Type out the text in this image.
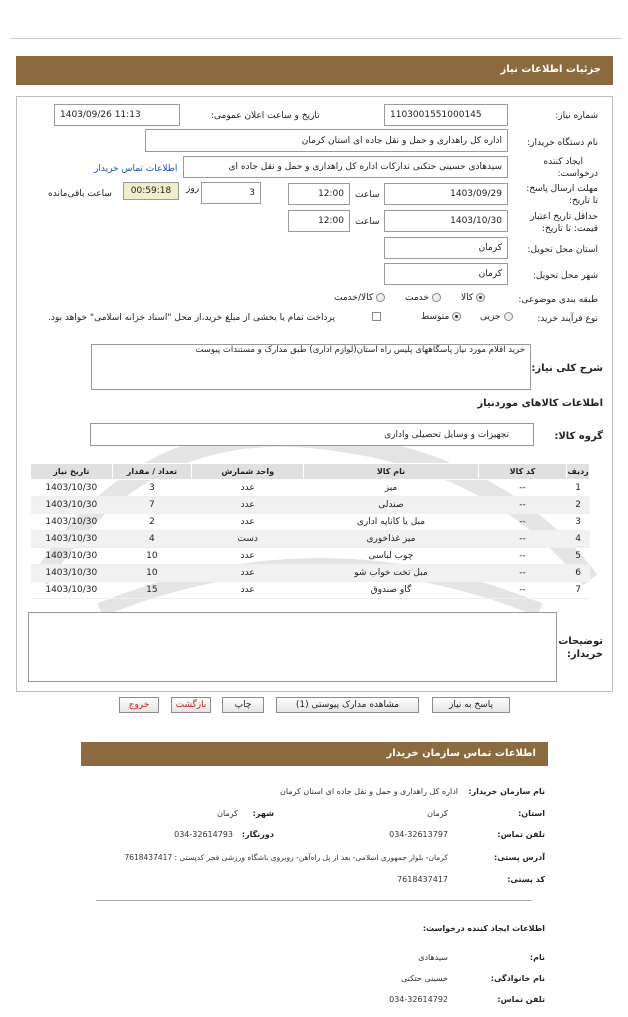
جزئیات اطلاعات نیاز
شماره نیاز:
1103001551000145
تاریخ و ساعت اعلان عمومی:
1403/09/26 11:13
نام دستگاه خریدار:
اداره کل راهداری و حمل و نقل جاده ای استان کرمان
ایجاد کننده
درخواست:
سیدهادی حسینی حتکنی تدارکات اداره کل راهداری و حمل و نقل جاده ای
اطلاعات تماس خریدار
مهلت ارسال پاسخ:
تا تاریخ:
1403/09/29
ساعت
12:00
3
روز
00:59:18
ساعت باقی‌مانده
حداقل تاریخ اعتبار
قیمت: تا تاریخ:
1403/10/30
ساعت
12:00
استان محل تحویل:
کرمان
شهر محل تحویل:
کرمان
طبقه بندی موضوعی:
کالا
خدمت
کالا/خدمت
نوع فرآیند خرید:
جزیی
متوسط
پرداخت تمام یا بخشی از مبلغ خرید،از محل "اسناد خزانه اسلامی" خواهد بود.
شرح کلی نیاز:
خرید اقلام مورد نیاز پاسگاههای پلیس راه استان(لوازم اداری) طبق مدارک و مستندات پیوست
اطلاعات کالاهای موردنیاز
گروه کالا:
تجهیزات و وسایل تحصیلی واداری
ردیف	کد کالا	نام کالا	واحد شمارش	تعداد / مقدار	تاریخ نیاز
1	--	میز	عدد	3	1403/10/30
2	--	صندلی	عدد	7	1403/10/30
3	--	مبل یا کاناپه اداری	عدد	2	1403/10/30
4	--	میز غذاخوری	دست	4	1403/10/30
5	--	چوب لباسی	عدد	10	1403/10/30
6	--	مبل تخت خواب شو	عدد	10	1403/10/30
7	--	گاو صندوق	عدد	15	1403/10/30
توضیحات
خریدار:
پاسخ به نیاز
مشاهده مدارک پیوستی (1)
چاپ
بازگشت
خروج
اطلاعات تماس سازمان خریدار
نام سازمان خریدار:
اداره کل راهداری و حمل و نقل جاده ای استان کرمان
استان:
کرمان
شهر:
کرمان
تلفن تماس:
034-32613797
دورنگار:
034-32614793
آدرس پستی:
کرمان- بلوار جمهوری اسلامی- بعد از پل راه‌آهن- روبروی باشگاه ورزشی فجر کدپستی : 7618437417
کد پستی:
7618437417
اطلاعات ایجاد کننده درخواست:
نام:
سیدهادی
نام خانوادگی:
حسینی حتکنی
تلفن تماس:
034-32614792
